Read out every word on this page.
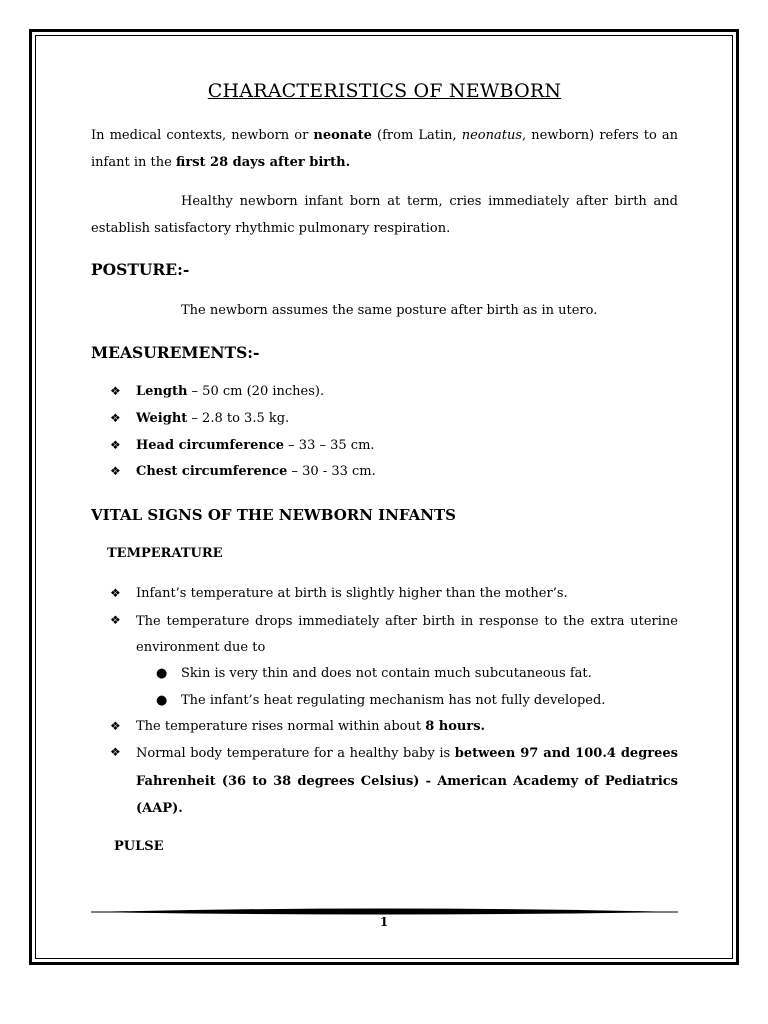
CHARACTERISTICS OF NEWBORN
In medical contexts, newborn or neonate (from Latin, neonatus, newborn) refers to an
infant in the first 28 days after birth.
Healthy newborn infant born at term, cries immediately after birth and
establish satisfactory rhythmic pulmonary respiration.
POSTURE:-
The newborn assumes the same posture after birth as in utero.
MEASUREMENTS:-
❖ Length – 50 cm (20 inches).
❖ Weight – 2.8 to 3.5 kg.
❖ Head circumference – 33 – 35 cm.
❖ Chest circumference – 30 - 33 cm.
VITAL SIGNS OF THE NEWBORN INFANTS
TEMPERATURE
❖ Infant’s temperature at birth is slightly higher than the mother’s.
❖ The temperature drops immediately after birth in response to the extra uterine
environment due to
● Skin is very thin and does not contain much subcutaneous fat.
● The infant’s heat regulating mechanism has not fully developed.
❖ The temperature rises normal within about 8 hours.
❖ Normal body temperature for a healthy baby is between 97 and 100.4 degrees
Fahrenheit (36 to 38 degrees Celsius) - American Academy of Pediatrics
(AAP).
PULSE
1
